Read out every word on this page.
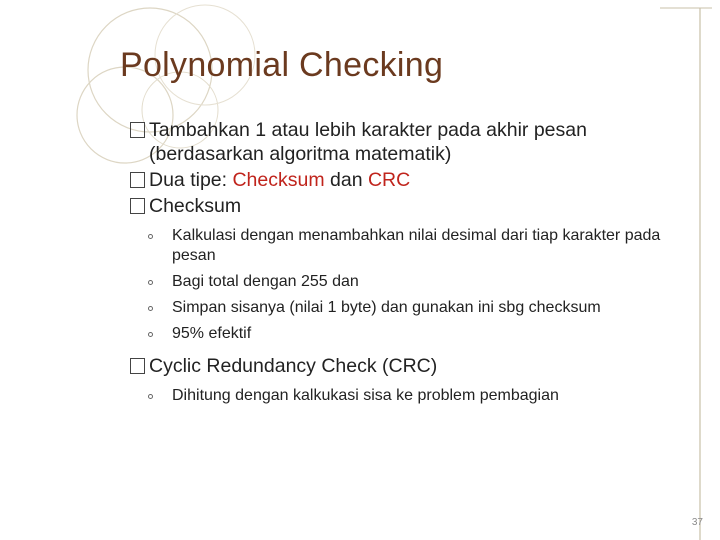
Polynomial Checking
Tambahkan 1 atau lebih karakter pada akhir pesan (berdasarkan algoritma matematik)
Dua tipe: Checksum dan CRC
Checksum
Kalkulasi dengan menambahkan nilai desimal dari tiap karakter pada pesan
Bagi total dengan 255 dan
Simpan sisanya (nilai 1 byte) dan gunakan ini sbg checksum
95% efektif
Cyclic Redundancy Check (CRC)
Dihitung dengan kalkukasi sisa ke problem pembagian
37
